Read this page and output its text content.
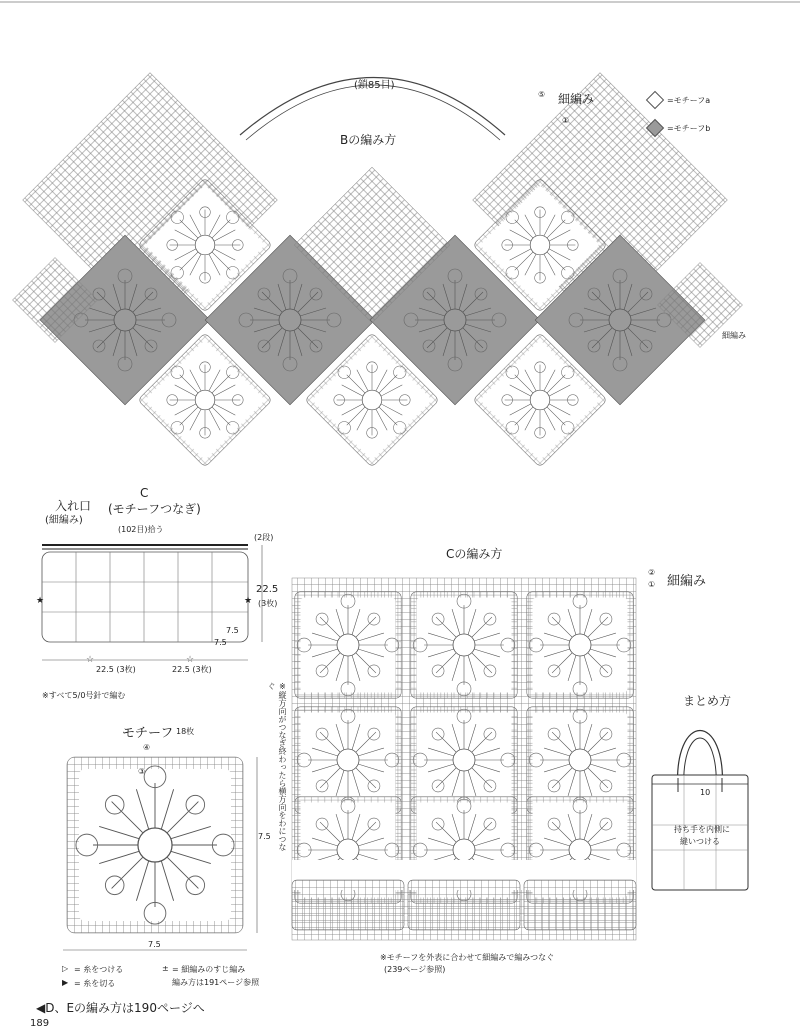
★	★
☆	☆
(鎖85目)
Bの編み方
⑤
①
細編み
細編み
=モチーフa
=モチーフb
入れ口
(細編み)
C
(モチーフつなぎ)
(102目)拾う
(2段)
22.5
(3枚)
7.5
7.5
22.5 (3枚)	22.5 (3枚)
※すべて5/0号針で編む
モチーフ 18枚
④
③
7.5
7.5
▷ = 糸をつける
▶ = 糸を切る
± = 細編みのすじ編み
編み方は191ページ参照
Cの編み方
②
① 細編み
※縦方向がつなぎ終わったら横方向をわにつなぐ
※モチーフを外表に合わせて細編みで編みつなぐ
(239ページ参照)
まとめ方
10
持ち手を内側に
縫いつける
◀D、Eの編み方は190ページへ
189
